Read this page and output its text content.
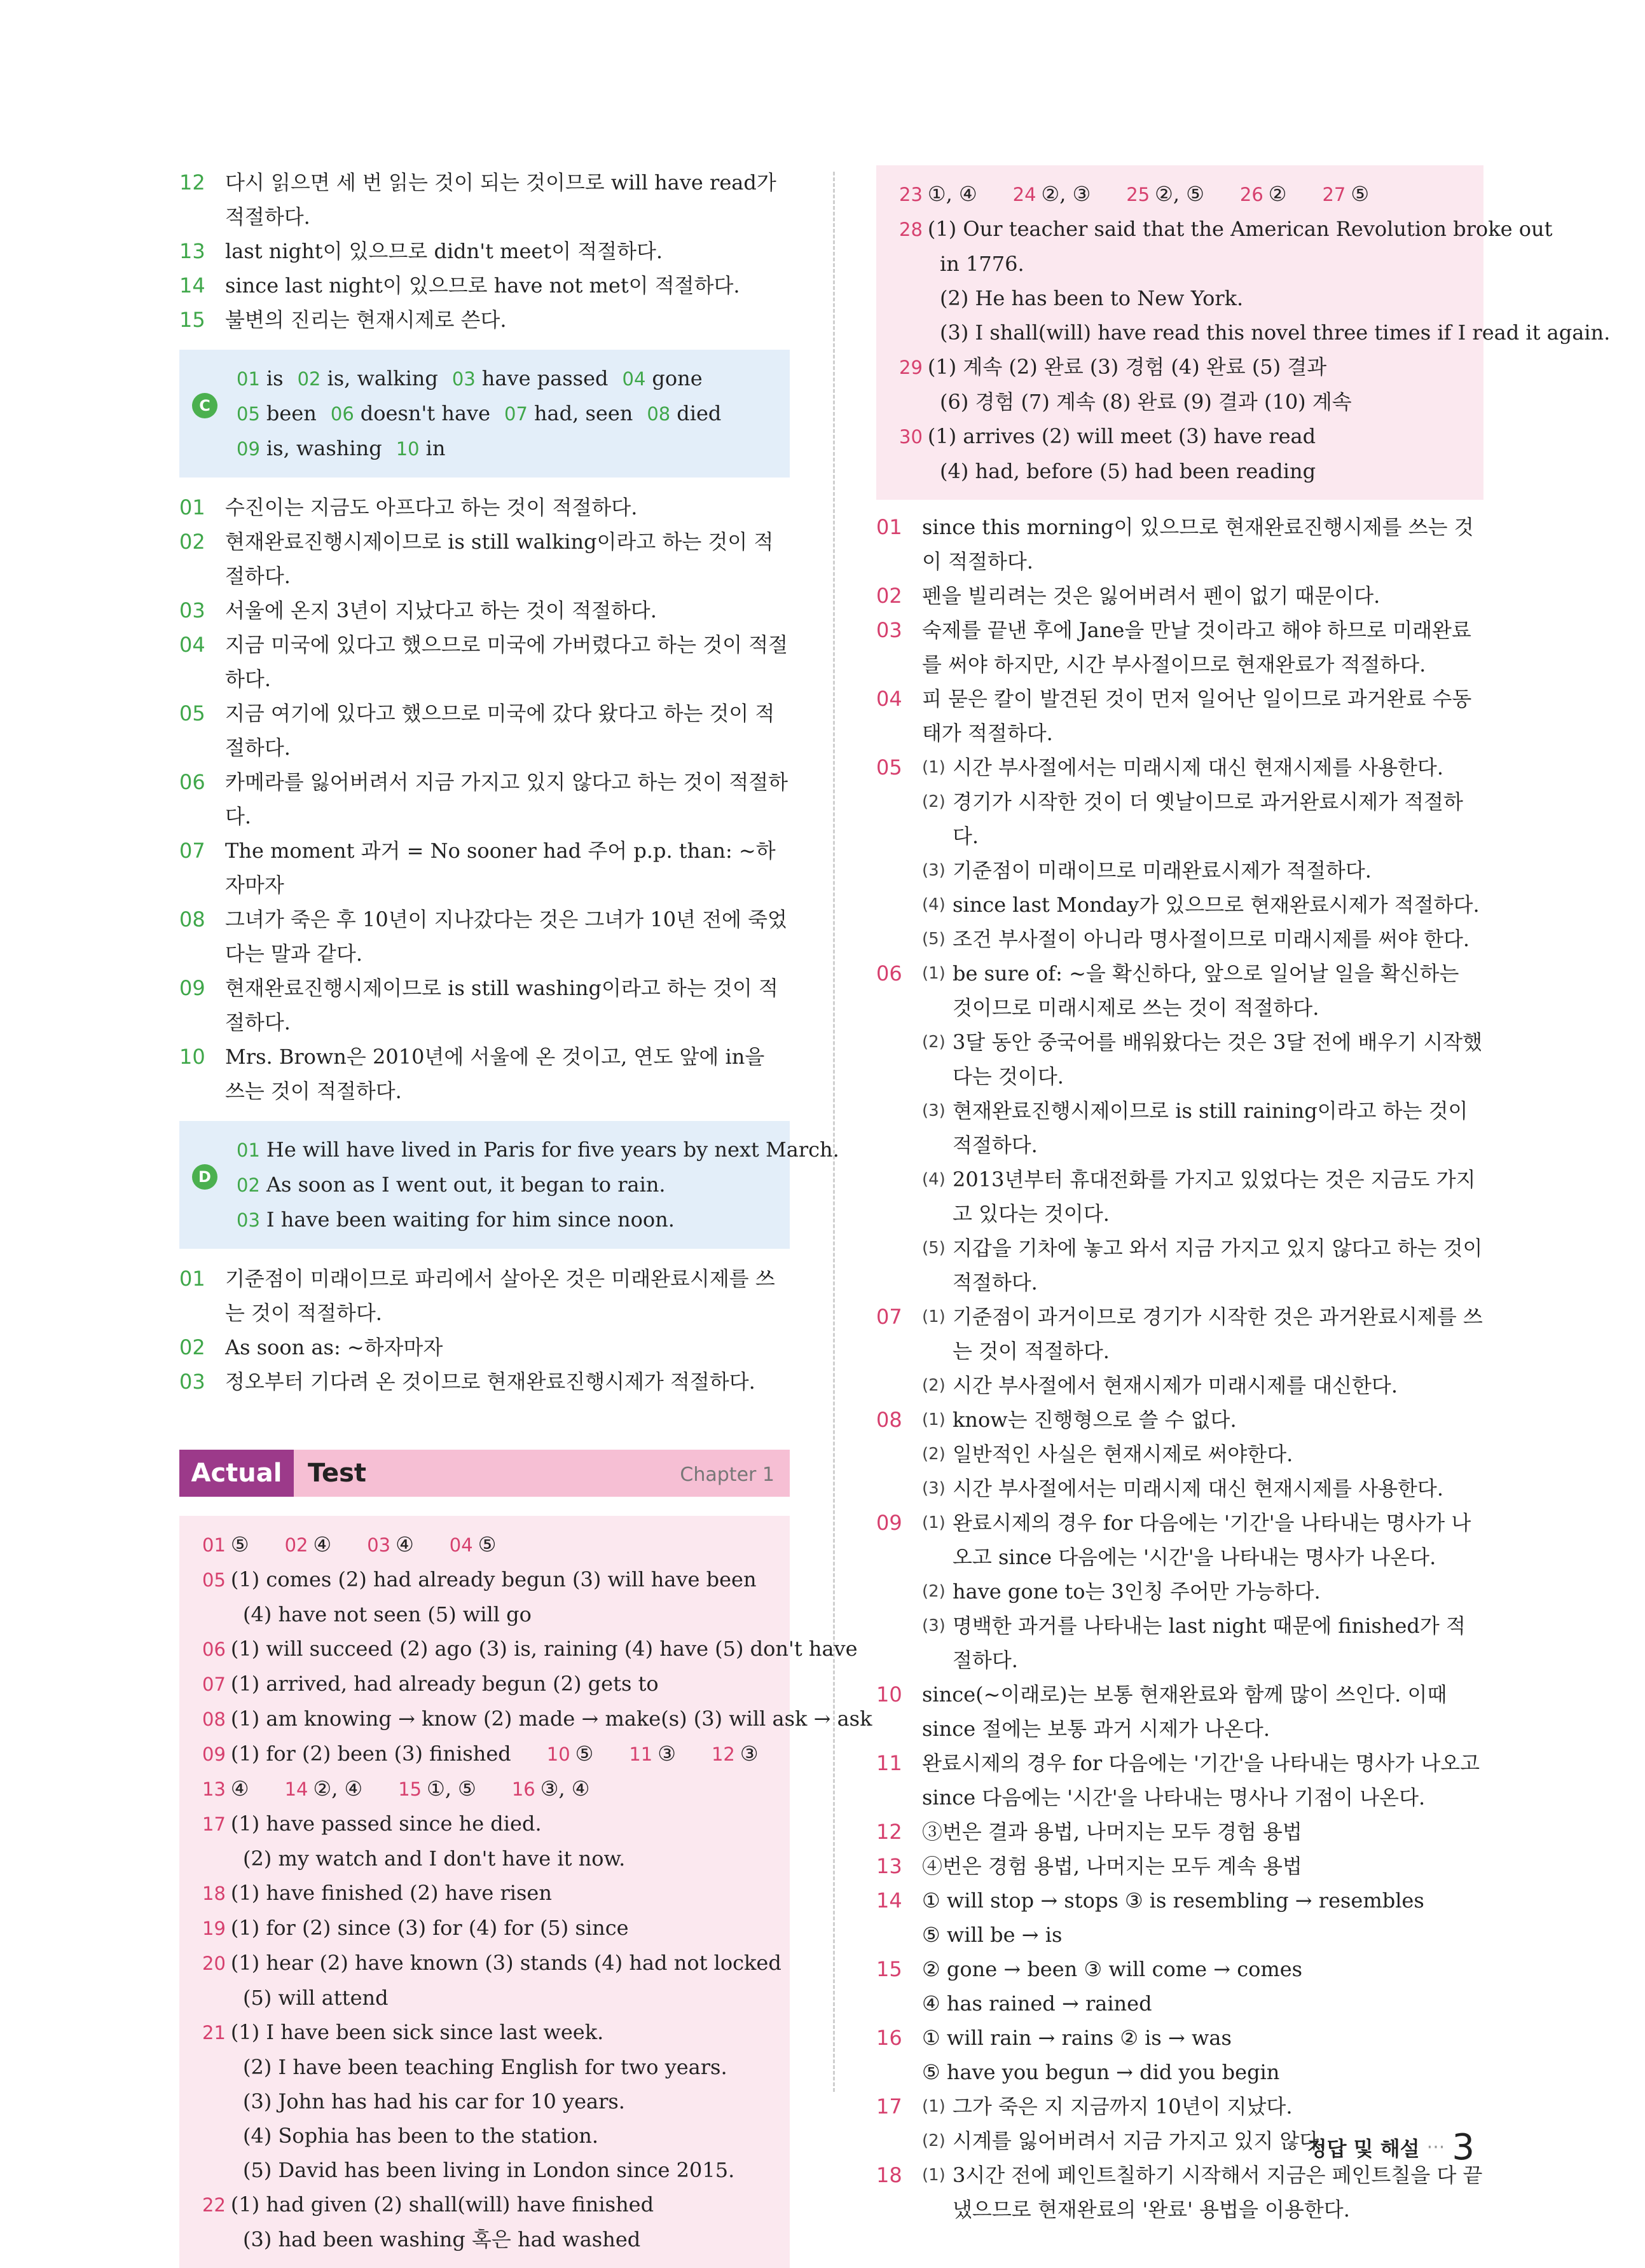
12 다시 읽으면 세 번 읽는 것이 되는 것이므로 will have read가 적절하다.
13 last night이 있으므로 didn't meet이 적절하다.
14 since last night이 있으므로 have not met이 적절하다.
15 불변의 진리는 현재시제로 쓴다.
C
01 is 02 is, walking 03 have passed 04 gone
05 been 06 doesn't have 07 had, seen 08 died
09 is, washing 10 in
01 수진이는 지금도 아프다고 하는 것이 적절하다.
02 현재완료진행시제이므로 is still walking이라고 하는 것이 적절하다.
03 서울에 온지 3년이 지났다고 하는 것이 적절하다.
04 지금 미국에 있다고 했으므로 미국에 가버렸다고 하는 것이 적절하다.
05 지금 여기에 있다고 했으므로 미국에 갔다 왔다고 하는 것이 적절하다.
06 카메라를 잃어버려서 지금 가지고 있지 않다고 하는 것이 적절하다.
07 The moment 과거 = No sooner had 주어 p.p. than: ~하자마자
08 그녀가 죽은 후 10년이 지나갔다는 것은 그녀가 10년 전에 죽었다는 말과 같다.
09 현재완료진행시제이므로 is still washing이라고 하는 것이 적절하다.
10 Mrs. Brown은 2010년에 서울에 온 것이고, 연도 앞에 in을 쓰는 것이 적절하다.
D
01 He will have lived in Paris for five years by next March.
02 As soon as I went out, it began to rain.
03 I have been waiting for him since noon.
01 기준점이 미래이므로 파리에서 살아온 것은 미래완료시제를 쓰는 것이 적절하다.
02 As soon as: ~하자마자
03 정오부터 기다려 온 것이므로 현재완료진행시제가 적절하다.
Actual	Test	Chapter 1
01 ⑤ 02 ④ 03 ④ 04 ⑤
05 (1) comes (2) had already begun (3) will have been
(4) have not seen (5) will go
06 (1) will succeed (2) ago (3) is, raining (4) have (5) don't have
07 (1) arrived, had already begun (2) gets to
08 (1) am knowing → know (2) made → make(s) (3) will ask → ask
09 (1) for (2) been (3) finished 10 ⑤ 11 ③ 12 ③
13 ④ 14 ②, ④ 15 ①, ⑤ 16 ③, ④
17 (1) have passed since he died.
(2) my watch and I don't have it now.
18 (1) have finished (2) have risen
19 (1) for (2) since (3) for (4) for (5) since
20 (1) hear (2) have known (3) stands (4) had not locked
(5) will attend
21 (1) I have been sick since last week.
(2) I have been teaching English for two years.
(3) John has had his car for 10 years.
(4) Sophia has been to the station.
(5) David has been living in London since 2015.
22 (1) had given (2) shall(will) have finished
(3) had been washing 혹은 had washed
23 ①, ④ 24 ②, ③ 25 ②, ⑤ 26 ② 27 ⑤
28 (1) Our teacher said that the American Revolution broke out
in 1776.
(2) He has been to New York.
(3) I shall(will) have read this novel three times if I read it again.
29 (1) 계속 (2) 완료 (3) 경험 (4) 완료 (5) 결과
(6) 경험 (7) 계속 (8) 완료 (9) 결과 (10) 계속
30 (1) arrives (2) will meet (3) have read
(4) had, before (5) had been reading
01 since this morning이 있으므로 현재완료진행시제를 쓰는 것이 적절하다.
02 펜을 빌리려는 것은 잃어버려서 펜이 없기 때문이다.
03 숙제를 끝낸 후에 Jane을 만날 것이라고 해야 하므로 미래완료를 써야 하지만, 시간 부사절이므로 현재완료가 적절하다.
04 피 묻은 칼이 발견된 것이 먼저 일어난 일이므로 과거완료 수동태가 적절하다.
05 (1) 시간 부사절에서는 미래시제 대신 현재시제를 사용한다.
(2) 경기가 시작한 것이 더 옛날이므로 과거완료시제가 적절하다.
(3) 기준점이 미래이므로 미래완료시제가 적절하다.
(4) since last Monday가 있으므로 현재완료시제가 적절하다.
(5) 조건 부사절이 아니라 명사절이므로 미래시제를 써야 한다.
06 (1) be sure of: ~을 확신하다, 앞으로 일어날 일을 확신하는 것이므로 미래시제로 쓰는 것이 적절하다.
(2) 3달 동안 중국어를 배워왔다는 것은 3달 전에 배우기 시작했다는 것이다.
(3) 현재완료진행시제이므로 is still raining이라고 하는 것이 적절하다.
(4) 2013년부터 휴대전화를 가지고 있었다는 것은 지금도 가지고 있다는 것이다.
(5) 지갑을 기차에 놓고 와서 지금 가지고 있지 않다고 하는 것이 적절하다.
07 (1) 기준점이 과거이므로 경기가 시작한 것은 과거완료시제를 쓰는 것이 적절하다.
(2) 시간 부사절에서 현재시제가 미래시제를 대신한다.
08 (1) know는 진행형으로 쓸 수 없다.
(2) 일반적인 사실은 현재시제로 써야한다.
(3) 시간 부사절에서는 미래시제 대신 현재시제를 사용한다.
09 (1) 완료시제의 경우 for 다음에는 '기간'을 나타내는 명사가 나오고 since 다음에는 '시간'을 나타내는 명사가 나온다.
(2) have gone to는 3인칭 주어만 가능하다.
(3) 명백한 과거를 나타내는 last night 때문에 finished가 적절하다.
10 since(~이래로)는 보통 현재완료와 함께 많이 쓰인다. 이때 since 절에는 보통 과거 시제가 나온다.
11 완료시제의 경우 for 다음에는 '기간'을 나타내는 명사가 나오고 since 다음에는 '시간'을 나타내는 명사나 기점이 나온다.
12 ③번은 결과 용법, 나머지는 모두 경험 용법
13 ④번은 경험 용법, 나머지는 모두 계속 용법
14 ① will stop → stops ③ is resembling → resembles
⑤ will be → is
15 ② gone → been ③ will come → comes
④ has rained → rained
16 ① will rain → rains ② is → was
⑤ have you begun → did you begin
17 (1) 그가 죽은 지 지금까지 10년이 지났다.
(2) 시계를 잃어버려서 지금 가지고 있지 않다.
18 (1) 3시간 전에 페인트칠하기 시작해서 지금은 페인트칠을 다 끝냈으므로 현재완료의 '완료' 용법을 이용한다.
정답 및 해설 ··· 3
